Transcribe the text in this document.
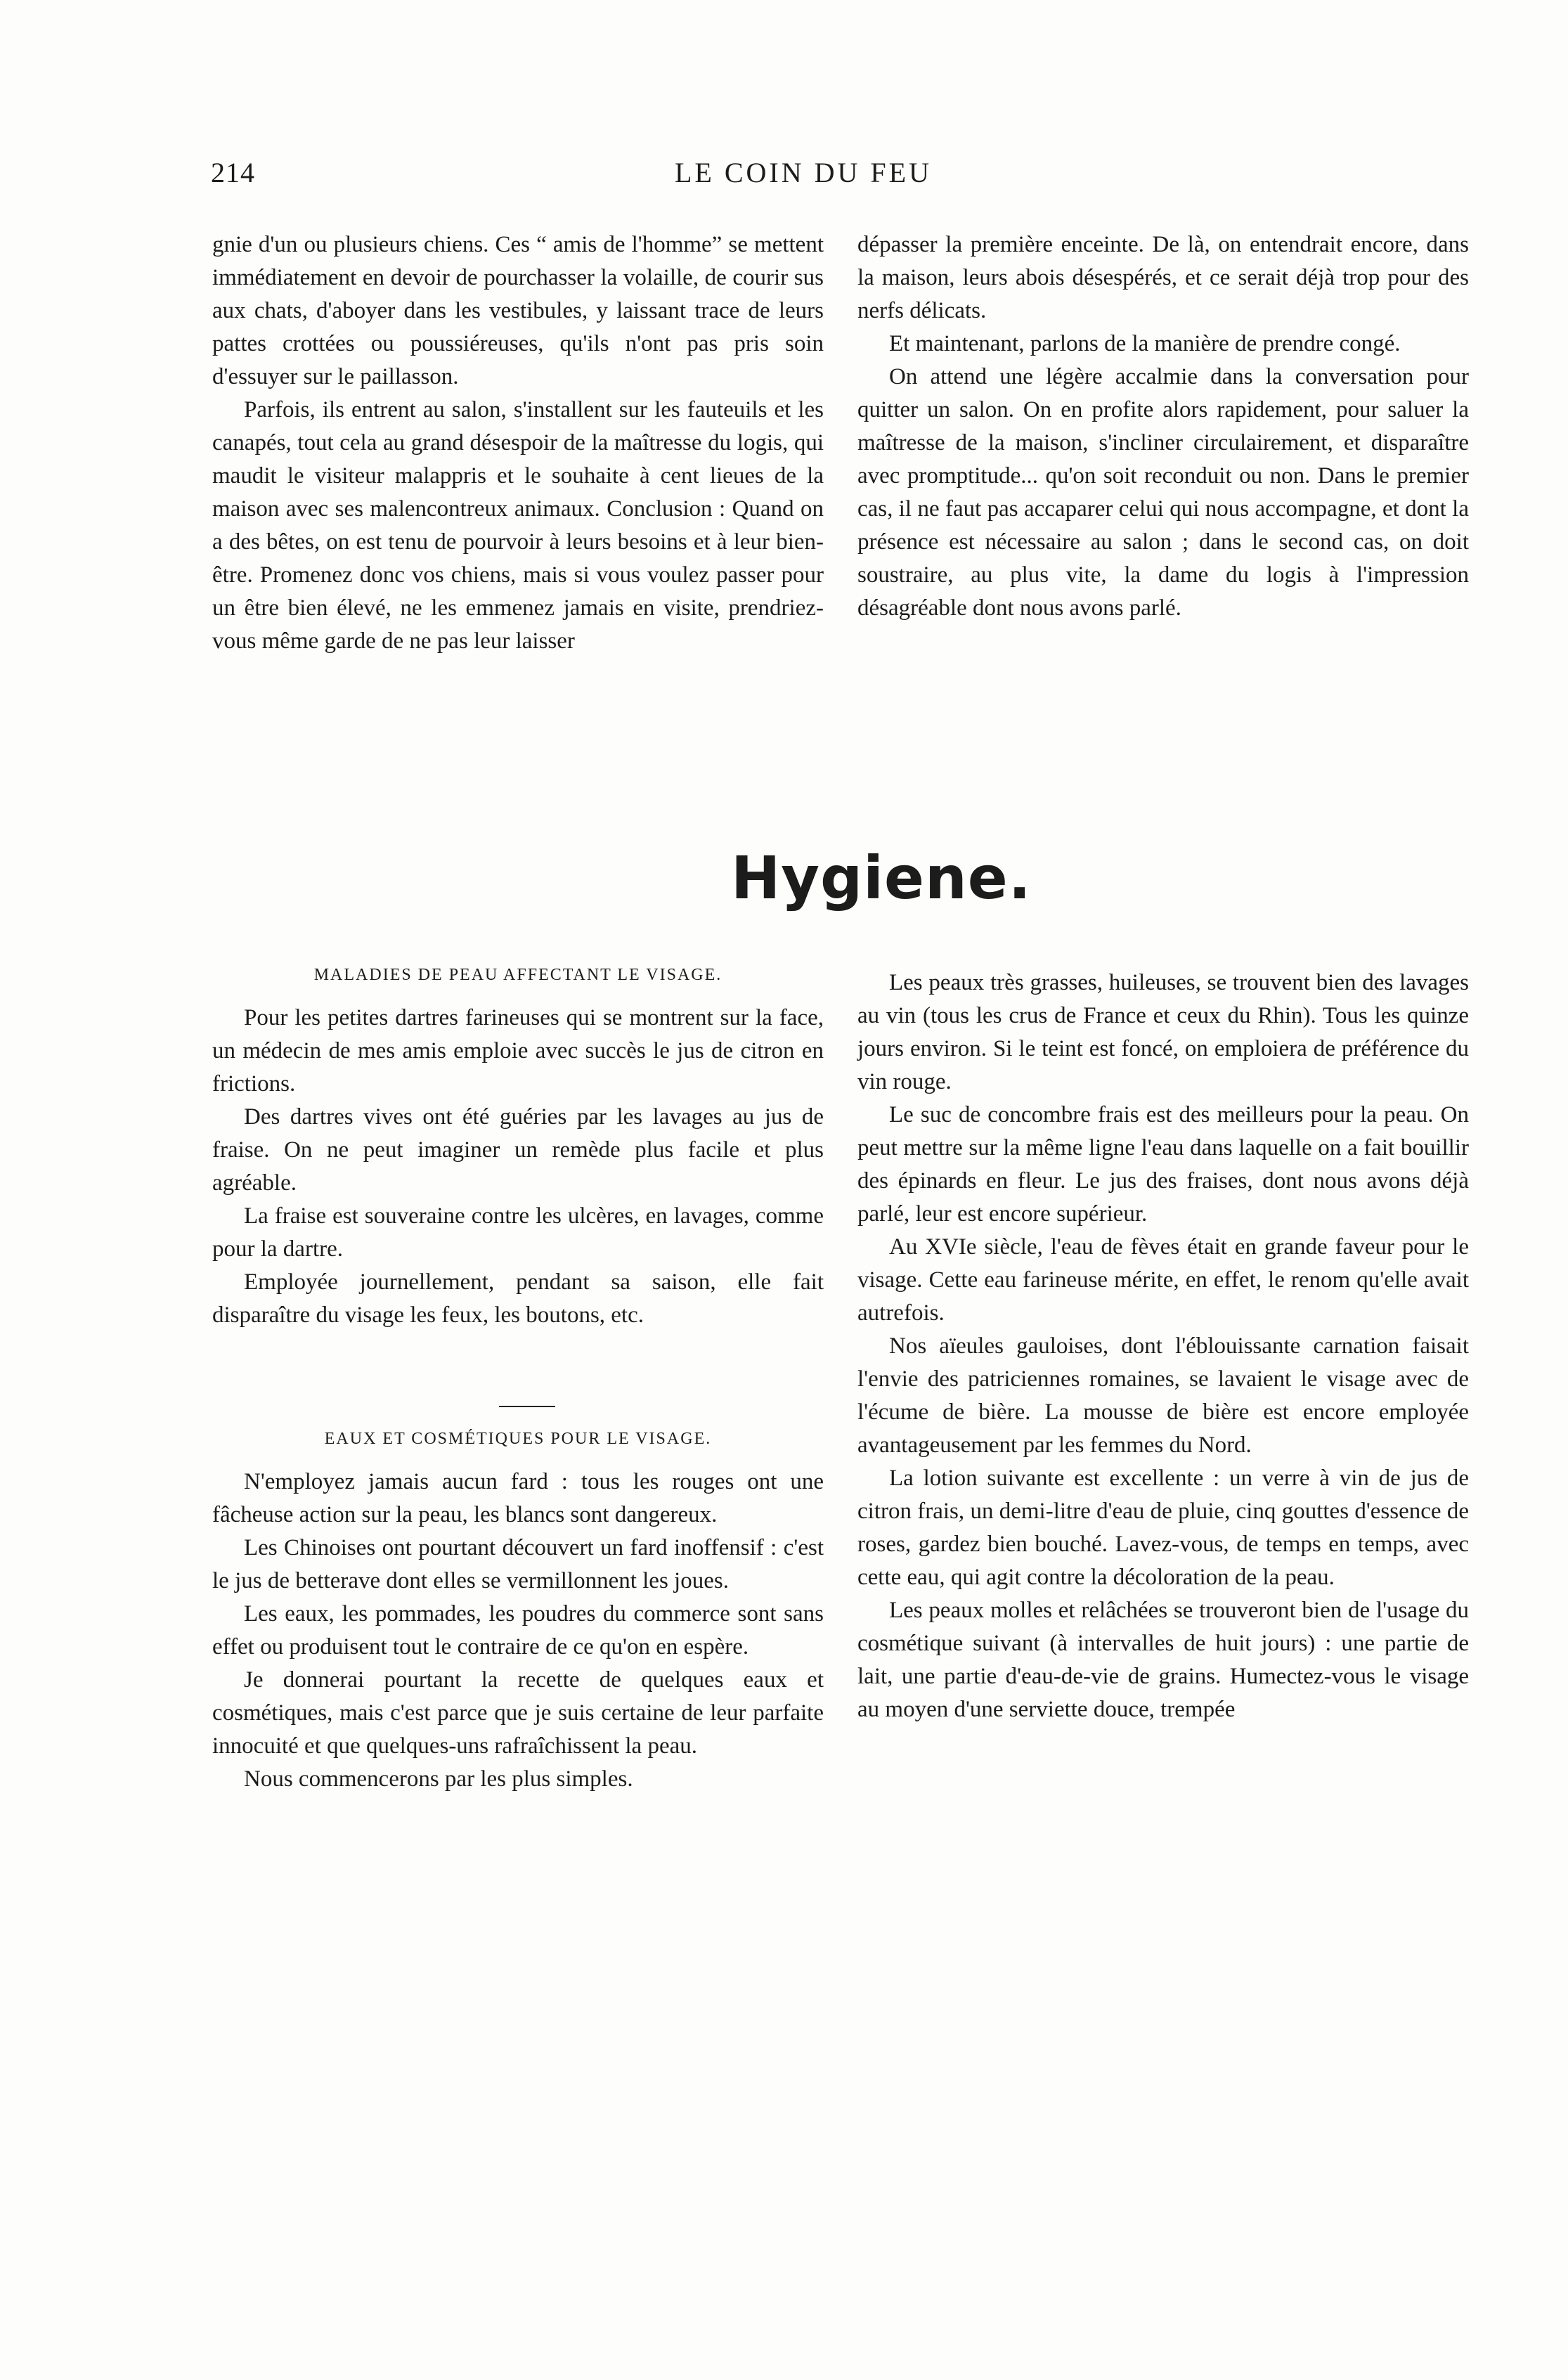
214	LE COIN DU FEU

gnie d'un ou plusieurs chiens. Ces “ amis de l'homme” se mettent immédiatement en devoir de pourchasser la volaille, de courir sus aux chats, d'aboyer dans les vestibules, y laissant trace de leurs pattes crottées ou poussiéreuses, qu'ils n'ont pas pris soin d'essuyer sur le paillasson.

Parfois, ils entrent au salon, s'installent sur les fauteuils et les canapés, tout cela au grand désespoir de la maîtresse du logis, qui maudit le visiteur malappris et le souhaite à cent lieues de la maison avec ses malencontreux animaux. Conclusion : Quand on a des bêtes, on est tenu de pourvoir à leurs besoins et à leur bien-être. Promenez donc vos chiens, mais si vous voulez passer pour un être bien élevé, ne les emmenez jamais en visite, prendriez-vous même garde de ne pas leur laisser

dépasser la première enceinte. De là, on entendrait encore, dans la maison, leurs abois désespérés, et ce serait déjà trop pour des nerfs délicats.

Et maintenant, parlons de la manière de prendre congé.

On attend une légère accalmie dans la conversation pour quitter un salon. On en profite alors rapidement, pour saluer la maîtresse de la maison, s'incliner circulairement, et disparaître avec promptitude... qu'on soit reconduit ou non. Dans le premier cas, il ne faut pas accaparer celui qui nous accompagne, et dont la présence est nécessaire au salon ; dans le second cas, on doit soustraire, au plus vite, la dame du logis à l'impression désagréable dont nous avons parlé.

Hygiene.
MALADIES DE PEAU AFFECTANT LE VISAGE.

Pour les petites dartres farineuses qui se montrent sur la face, un médecin de mes amis emploie avec succès le jus de citron en frictions.

Des dartres vives ont été guéries par les lavages au jus de fraise. On ne peut imaginer un remède plus facile et plus agréable.

La fraise est souveraine contre les ulcères, en lavages, comme pour la dartre.

Employée journellement, pendant sa saison, elle fait disparaître du visage les feux, les boutons, etc.

EAUX ET COSMÉTIQUES POUR LE VISAGE.

N'employez jamais aucun fard : tous les rouges ont une fâcheuse action sur la peau, les blancs sont dangereux.

Les Chinoises ont pourtant découvert un fard inoffensif : c'est le jus de betterave dont elles se vermillonnent les joues.

Les eaux, les pommades, les poudres du commerce sont sans effet ou produisent tout le contraire de ce qu'on en espère.

Je donnerai pourtant la recette de quelques eaux et cosmétiques, mais c'est parce que je suis certaine de leur parfaite innocuité et que quelques-uns rafraîchissent la peau.

Nous commencerons par les plus simples.

Les peaux très grasses, huileuses, se trouvent bien des lavages au vin (tous les crus de France et ceux du Rhin). Tous les quinze jours environ. Si le teint est foncé, on emploiera de préférence du vin rouge.

Le suc de concombre frais est des meilleurs pour la peau. On peut mettre sur la même ligne l'eau dans laquelle on a fait bouillir des épinards en fleur. Le jus des fraises, dont nous avons déjà parlé, leur est encore supérieur.

Au XVIe siècle, l'eau de fèves était en grande faveur pour le visage. Cette eau farineuse mérite, en effet, le renom qu'elle avait autrefois.

Nos aïeules gauloises, dont l'éblouissante carnation faisait l'envie des patriciennes romaines, se lavaient le visage avec de l'écume de bière. La mousse de bière est encore employée avantageusement par les femmes du Nord.

La lotion suivante est excellente : un verre à vin de jus de citron frais, un demi-litre d'eau de pluie, cinq gouttes d'essence de roses, gardez bien bouché. Lavez-vous, de temps en temps, avec cette eau, qui agit contre la décoloration de la peau.

Les peaux molles et relâchées se trouveront bien de l'usage du cosmétique suivant (à intervalles de huit jours) : une partie de lait, une partie d'eau-de-vie de grains. Humectez-vous le visage au moyen d'une serviette douce, trempée
